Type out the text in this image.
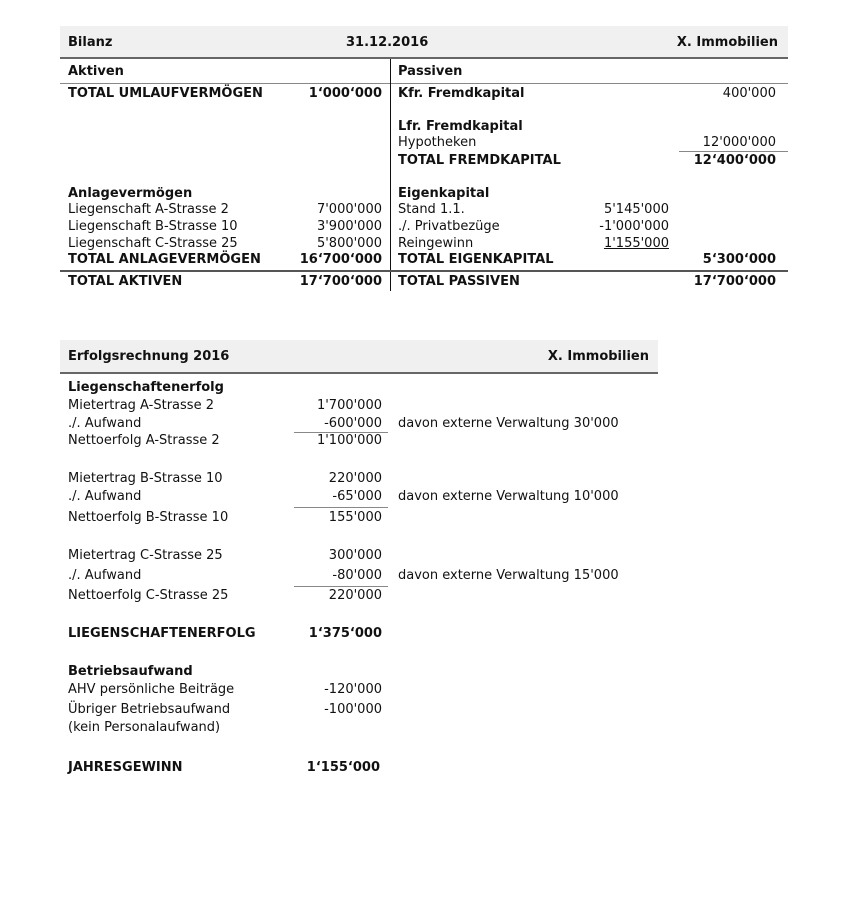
Bilanz	31.12.2016	X. Immobilien
Aktiven
TOTAL UMLAUFVERMÖGEN	1‘000‘000
Anlagevermögen
Liegenschaft A-Strasse 2	7'000'000
Liegenschaft B-Strasse 10	3'900'000
Liegenschaft C-Strasse 25	5'800'000
TOTAL ANLAGEVERMÖGEN	16‘700‘000
TOTAL AKTIVEN	17‘700‘000
Passiven
Kfr. Fremdkapital	400'000
Lfr. Fremdkapital
Hypotheken	12'000'000
TOTAL FREMDKAPITAL	12‘400‘000
Eigenkapital
Stand 1.1.	5'145'000
./. Privatbezüge	-1'000'000
Reingewinn	1'155'000
TOTAL EIGENKAPITAL	5‘300‘000
TOTAL PASSIVEN	17‘700‘000
Erfolgsrechnung 2016	X. Immobilien
Liegenschaftenerfolg
Mietertrag A-Strasse 2	1'700'000
./. Aufwand	-600'000 davon externe Verwaltung 30'000
Nettoerfolg A-Strasse 2	1'100'000
Mietertrag B-Strasse 10	220'000
./. Aufwand	-65'000 davon externe Verwaltung 10'000
Nettoerfolg B-Strasse 10	155'000
Mietertrag C-Strasse 25	300'000
./. Aufwand	-80'000 davon externe Verwaltung 15'000
Nettoerfolg C-Strasse 25	220'000
LIEGENSCHAFTENERFOLG	1‘375‘000
Betriebsaufwand
AHV persönliche Beiträge	-120'000
Übriger Betriebsaufwand	-100'000
(kein Personalaufwand)
JAHRESGEWINN	1‘155‘000
